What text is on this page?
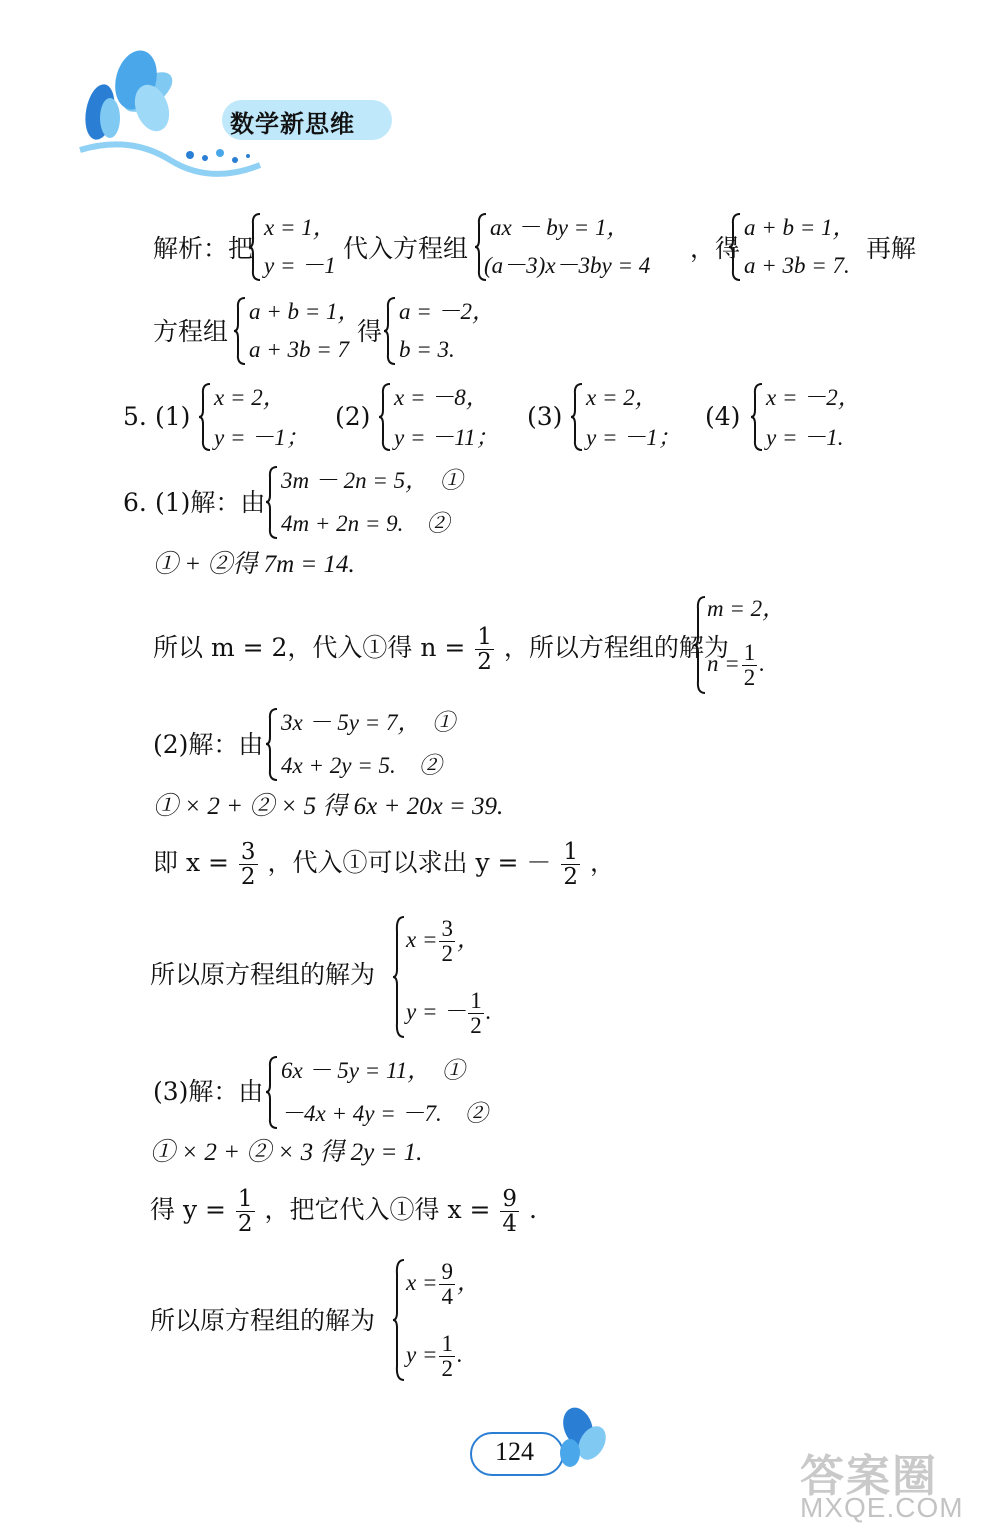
数学新思维
解析：把
x = 1，
y = －1
代入方程组
ax － by = 1，
(a－3)x－3by = 4
，得
a + b = 1，
a + 3b = 7.
再解
方程组
a + b = 1，
a + 3b = 7
得
a = －2，
b = 3.
5. (1)
x = 2，
y = －1；
(2)
x = －8，
y = －11；
(3)
x = 2，
y = －1；
(4)
x = －2，
y = －1.
6. (1)解：由
3m － 2n = 5，　①
4m + 2n = 9.　②
① + ②得 7m = 14.
所以 m = 2，代入①得 $n = \frac{1}{2}$ ，所以方程组的解为
m = 2，
$n = \frac{1}{2}$ .
(2)解：由
3x － 5y = 7，　①
4x + 2y = 5.　②
① × 2 + ② × 5 得 6x + 20x = 39.
即 $x = \frac{3}{2}$ ，代入①可以求出 y = － $\frac{1}{2}$ ，
所以原方程组的解为
$x = \frac{3}{2}$ ，
y = － $\frac{1}{2}$ .
(3)解：由
6x － 5y = 11，　①
－4x + 4y = －7.　②
① × 2 + ② × 3 得 2y = 1.
得 $y = \frac{1}{2}$ ，把它代入①得 $x = \frac{9}{4}$ .
所以原方程组的解为
$x = \frac{9}{4}$ ，
$y = \frac{1}{2}$ .
124
答案圈
MXQE.COM
